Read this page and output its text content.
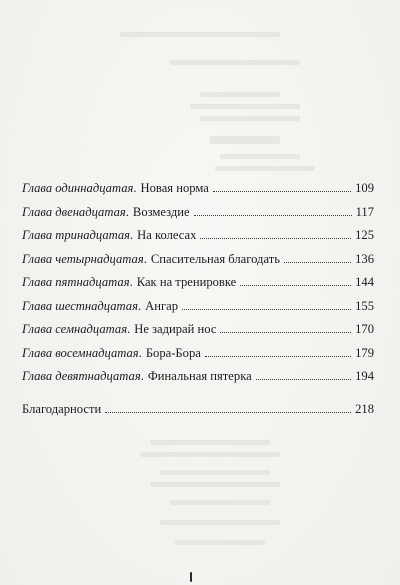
Глава одиннадцатая. Новая норма	109
Глава двенадцатая. Возмездие	117
Глава тринадцатая. На колесах	125
Глава четырнадцатая. Спасительная благодать	136
Глава пятнадцатая. Как на тренировке	144
Глава шестнадцатая. Ангар	155
Глава семнадцатая. Не задирай нос	170
Глава восемнадцатая. Бора-Бора	179
Глава девятнадцатая. Финальная пятерка	194
Благодарности	218
